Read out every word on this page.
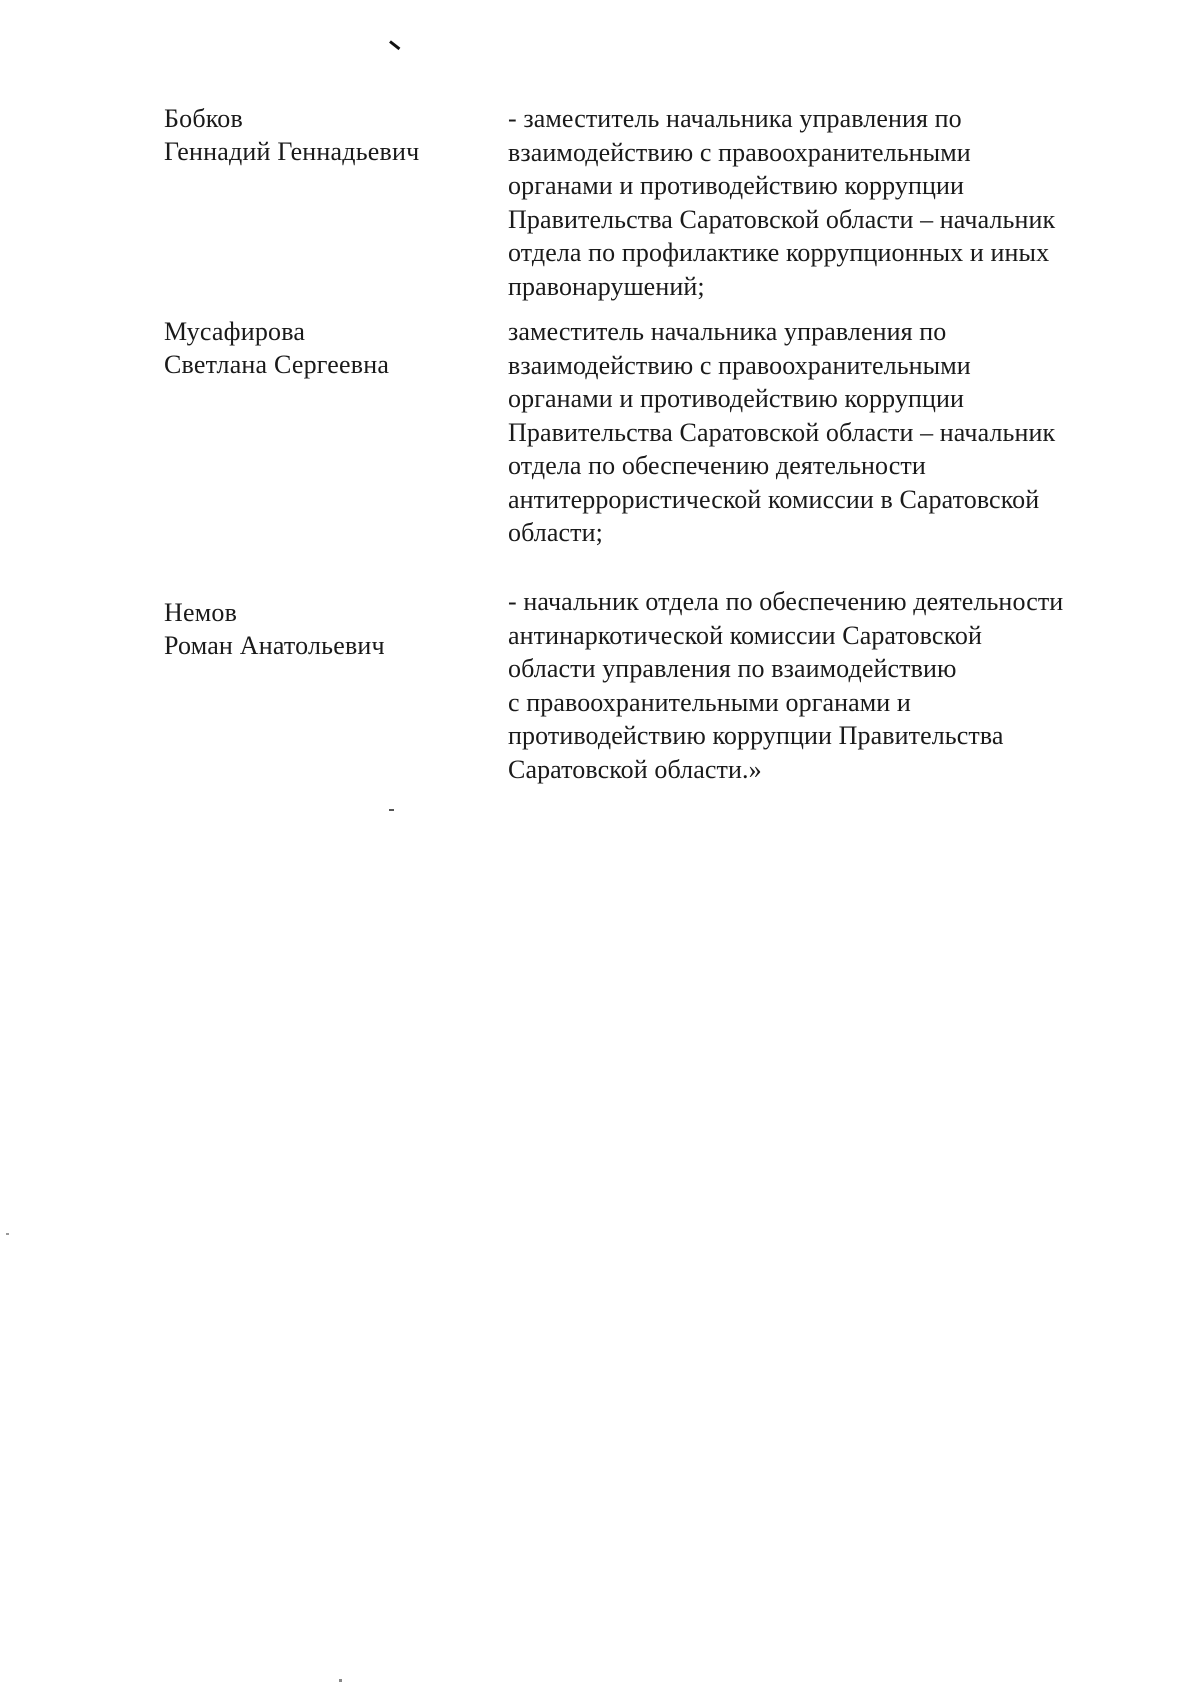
Бобков
Геннадий Геннадьевич
- заместитель начальника управления по
взаимодействию с правоохранительными
органами и противодействию коррупции
Правительства Саратовской области – начальник
отдела по профилактике коррупционных и иных
правонарушений;
Мусафирова
Светлана Сергеевна
заместитель начальника управления по
взаимодействию с правоохранительными
органами и противодействию коррупции
Правительства Саратовской области – начальник
отдела по обеспечению деятельности
антитеррористической комиссии в Саратовской
области;
Немов
Роман Анатольевич
- начальник отдела по обеспечению деятельности
антинаркотической комиссии Саратовской
области управления по взаимодействию
с правоохранительными органами и
противодействию коррупции Правительства
Саратовской области.»
